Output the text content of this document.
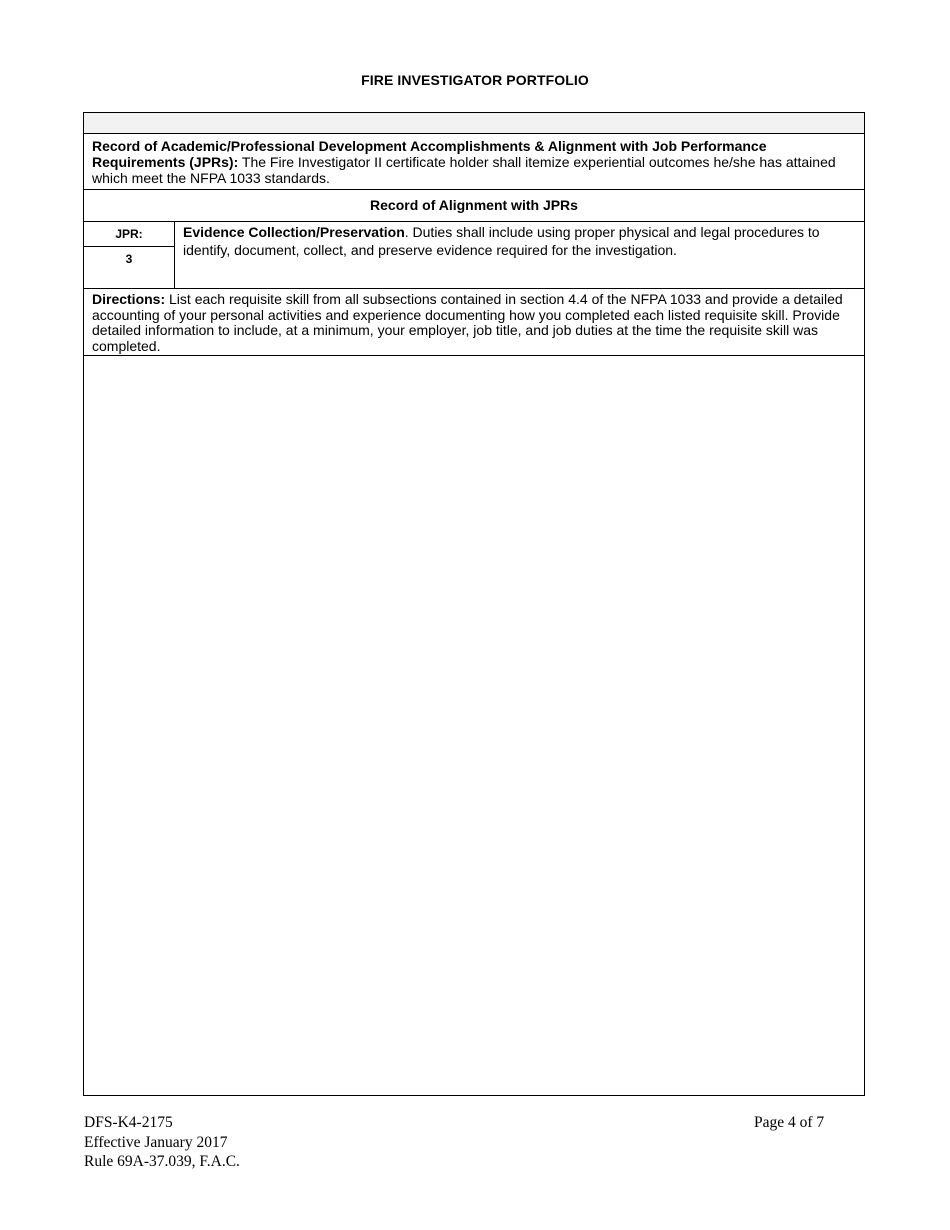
FIRE INVESTIGATOR PORTFOLIO
Record of Academic/Professional Development Accomplishments & Alignment with Job Performance Requirements (JPRs): The Fire Investigator II certificate holder shall itemize experiential outcomes he/she has attained which meet the NFPA 1033 standards.
Record of Alignment with JPRs
JPR:
3
Evidence Collection/Preservation. Duties shall include using proper physical and legal procedures to identify, document, collect, and preserve evidence required for the investigation.
Directions: List each requisite skill from all subsections contained in section 4.4 of the NFPA 1033 and provide a detailed accounting of your personal activities and experience documenting how you completed each listed requisite skill. Provide detailed information to include, at a minimum, your employer, job title, and job duties at the time the requisite skill was completed.
DFS-K4-2175
Effective January 2017
Rule 69A-37.039, F.A.C.
Page 4 of 7
